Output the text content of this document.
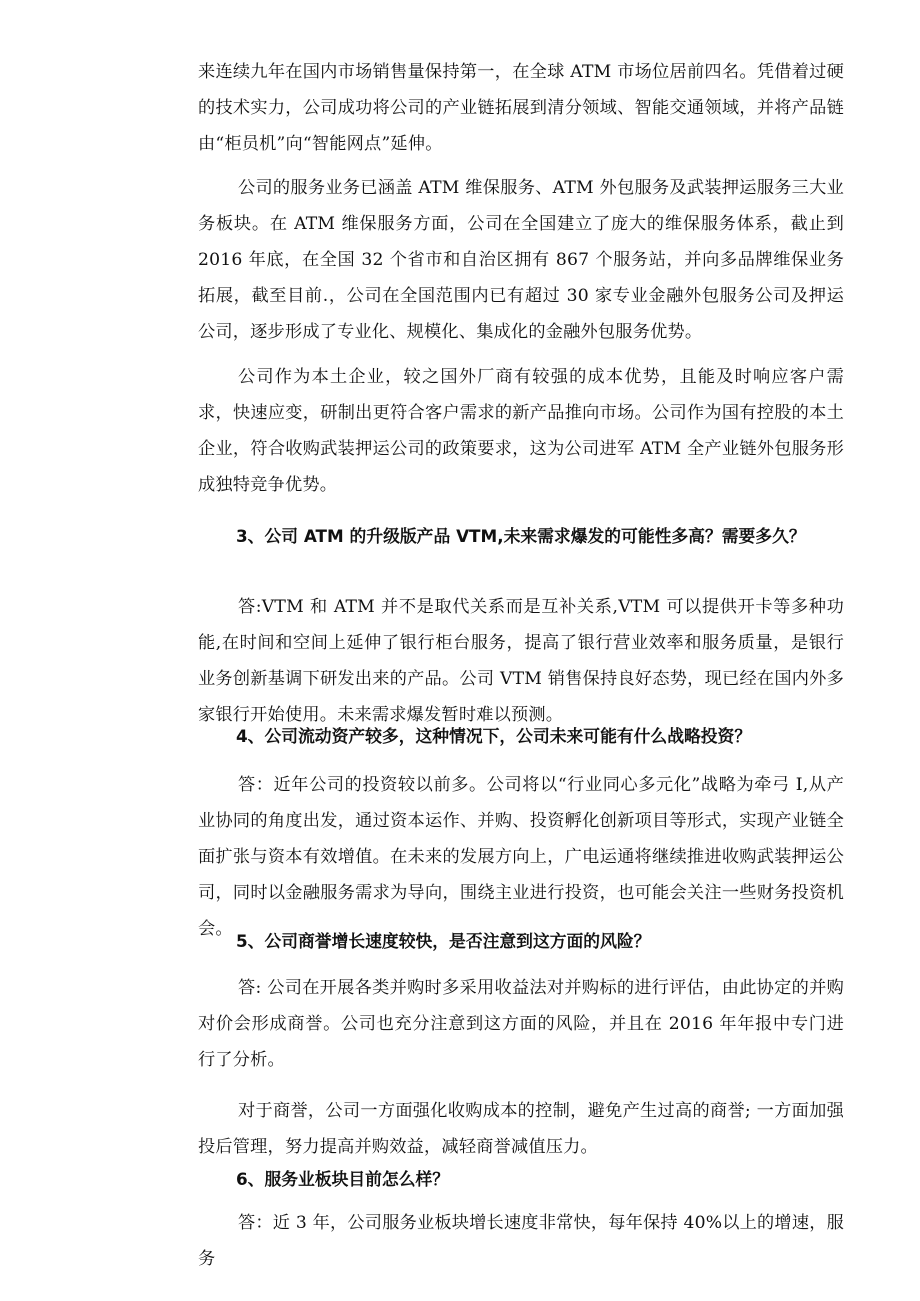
来连续九年在国内市场销售量保持第一，在全球 ATM 市场位居前四名。凭借着过硬的技术实力，公司成功将公司的产业链拓展到清分领域、智能交通领域，并将产品链由“柜员机”向“智能网点”延伸。

公司的服务业务已涵盖 ATM 维保服务、ATM 外包服务及武装押运服务三大业务板块。在 ATM 维保服务方面，公司在全国建立了庞大的维保服务体系，截止到 2016 年底，在全国 32 个省市和自治区拥有 867 个服务站，并向多品牌维保业务拓展，截至目前.，公司在全国范围内已有超过 30 家专业金融外包服务公司及押运公司，逐步形成了专业化、规模化、集成化的金融外包服务优势。

公司作为本土企业，较之国外厂商有较强的成本优势，且能及时响应客户需求，快速应变，研制出更符合客户需求的新产品推向市场。公司作为国有控股的本土企业，符合收购武装押运公司的政策要求，这为公司进军 ATM 全产业链外包服务形成独特竞争优势。

3、公司 ATM 的升级版产品 VTM,未来需求爆发的可能性多高？需要多久？

答:VTM 和 ATM 并不是取代关系而是互补关系,VTM 可以提供开卡等多种功能,在时间和空间上延伸了银行柜台服务，提高了银行营业效率和服务质量，是银行业务创新基调下研发出来的产品。公司 VTM 销售保持良好态势，现已经在国内外多家银行开始使用。未来需求爆发暂时难以预测。

4、公司流动资产较多，这种情况下，公司未来可能有什么战略投资？

答：近年公司的投资较以前多。公司将以“行业同心多元化”战略为牵弓 I,从产业协同的角度出发，通过资本运作、并购、投资孵化创新项目等形式，实现产业链全面扩张与资本有效增值。在未来的发展方向上，广电运通将继续推进收购武装押运公司，同时以金融服务需求为导向，围绕主业进行投资，也可能会关注一些财务投资机会。

5、公司商誉增长速度较快，是否注意到这方面的风险？

答: 公司在开展各类并购时多采用收益法对并购标的进行评估，由此协定的并购对价会形成商誉。公司也充分注意到这方面的风险，并且在 2016 年年报中专门进行了分析。

对于商誉，公司一方面强化收购成本的控制，避免产生过高的商誉; 一方面加强投后管理，努力提高并购效益，减轻商誉减值压力。

6、服务业板块目前怎么样？

答：近 3 年，公司服务业板块增长速度非常快，每年保持 40%以上的增速，服务
